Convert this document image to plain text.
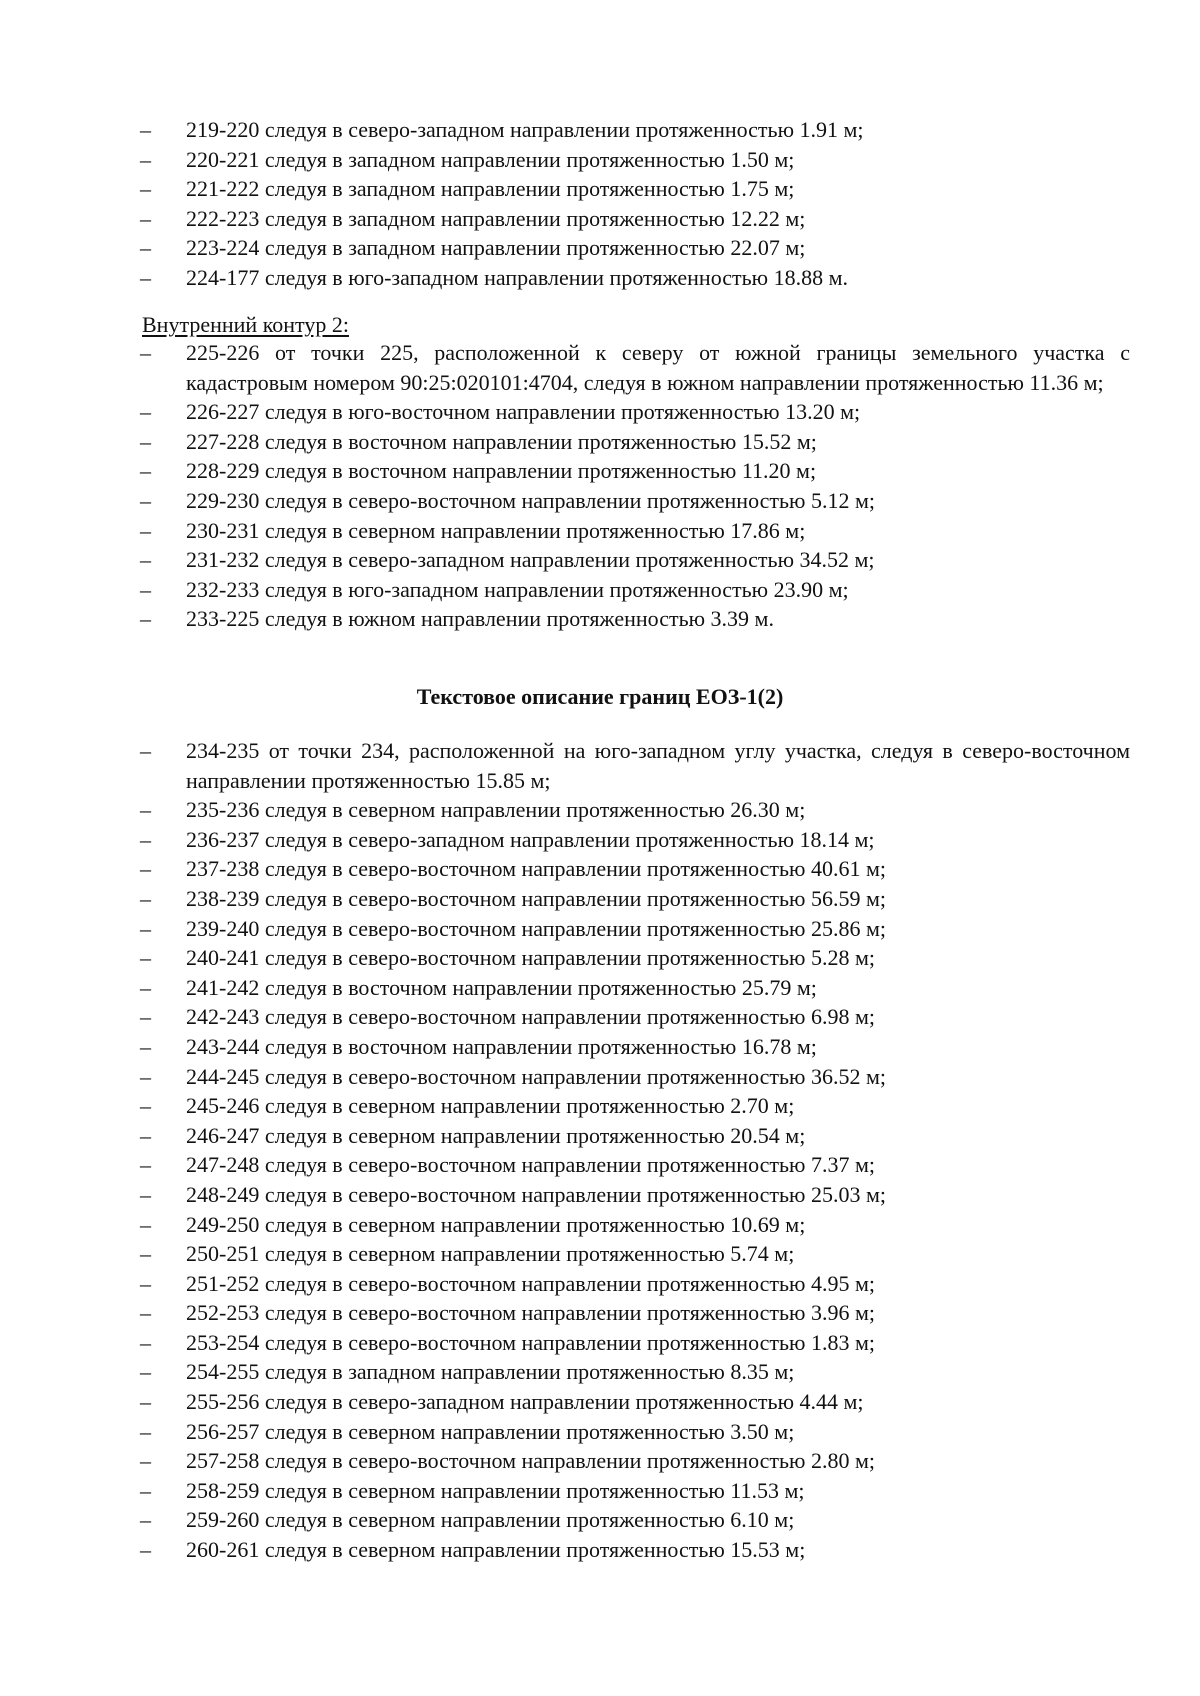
– 219-220 следуя в северо-западном направлении протяженностью 1.91 м;
– 220-221 следуя в западном направлении протяженностью 1.50 м;
– 221-222 следуя в западном направлении протяженностью 1.75 м;
– 222-223 следуя в западном направлении протяженностью 12.22 м;
– 223-224 следуя в западном направлении протяженностью 22.07 м;
– 224-177 следуя в юго-западном направлении протяженностью 18.88 м.
Внутренний контур 2:
– 225-226 от точки 225, расположенной к северу от южной границы земельного участка с кадастровым номером 90:25:020101:4704, следуя в южном направлении протяженностью 11.36 м;
– 226-227 следуя в юго-восточном направлении протяженностью 13.20 м;
– 227-228 следуя в восточном направлении протяженностью 15.52 м;
– 228-229 следуя в восточном направлении протяженностью 11.20 м;
– 229-230 следуя в северо-восточном направлении протяженностью 5.12 м;
– 230-231 следуя в северном направлении протяженностью 17.86 м;
– 231-232 следуя в северо-западном направлении протяженностью 34.52 м;
– 232-233 следуя в юго-западном направлении протяженностью 23.90 м;
– 233-225 следуя в южном направлении протяженностью 3.39 м.
Текстовое описание границ ЕОЗ-1(2)
– 234-235 от точки 234, расположенной на юго-западном углу участка, следуя в северо-восточном направлении протяженностью 15.85 м;
– 235-236 следуя в северном направлении протяженностью 26.30 м;
– 236-237 следуя в северо-западном направлении протяженностью 18.14 м;
– 237-238 следуя в северо-восточном направлении протяженностью 40.61 м;
– 238-239 следуя в северо-восточном направлении протяженностью 56.59 м;
– 239-240 следуя в северо-восточном направлении протяженностью 25.86 м;
– 240-241 следуя в северо-восточном направлении протяженностью 5.28 м;
– 241-242 следуя в восточном направлении протяженностью 25.79 м;
– 242-243 следуя в северо-восточном направлении протяженностью 6.98 м;
– 243-244 следуя в восточном направлении протяженностью 16.78 м;
– 244-245 следуя в северо-восточном направлении протяженностью 36.52 м;
– 245-246 следуя в северном направлении протяженностью 2.70 м;
– 246-247 следуя в северном направлении протяженностью 20.54 м;
– 247-248 следуя в северо-восточном направлении протяженностью 7.37 м;
– 248-249 следуя в северо-восточном направлении протяженностью 25.03 м;
– 249-250 следуя в северном направлении протяженностью 10.69 м;
– 250-251 следуя в северном направлении протяженностью 5.74 м;
– 251-252 следуя в северо-восточном направлении протяженностью 4.95 м;
– 252-253 следуя в северо-восточном направлении протяженностью 3.96 м;
– 253-254 следуя в северо-восточном направлении протяженностью 1.83 м;
– 254-255 следуя в западном направлении протяженностью 8.35 м;
– 255-256 следуя в северо-западном направлении протяженностью 4.44 м;
– 256-257 следуя в северном направлении протяженностью 3.50 м;
– 257-258 следуя в северо-восточном направлении протяженностью 2.80 м;
– 258-259 следуя в северном направлении протяженностью 11.53 м;
– 259-260 следуя в северном направлении протяженностью 6.10 м;
– 260-261 следуя в северном направлении протяженностью 15.53 м;
